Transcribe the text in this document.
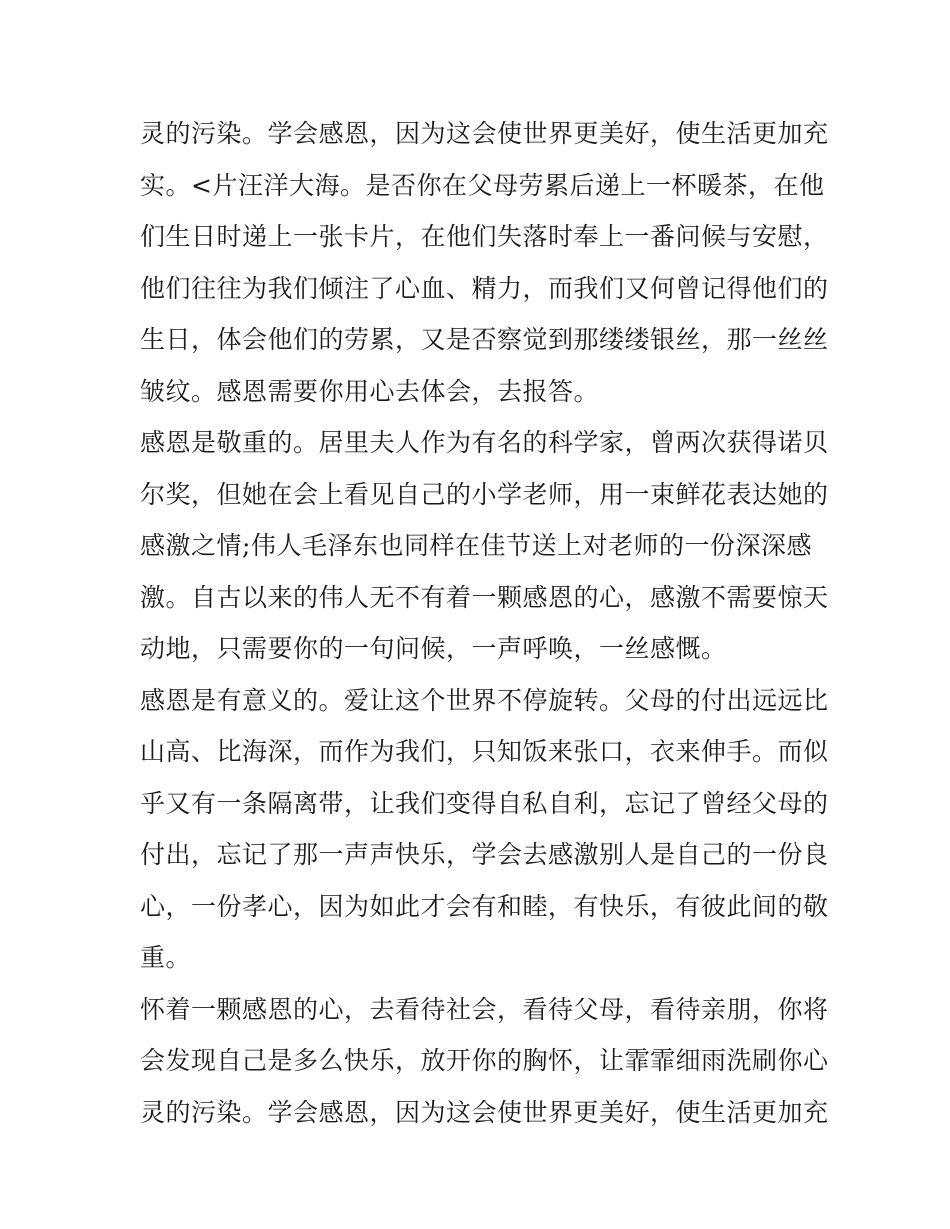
灵的污染。学会感恩，因为这会使世界更美好，使生活更加充
实。<片汪洋大海。是否你在父母劳累后递上一杯暖茶，在他
们生日时递上一张卡片，在他们失落时奉上一番问候与安慰，
他们往往为我们倾注了心血、精力，而我们又何曾记得他们的
生日，体会他们的劳累，又是否察觉到那缕缕银丝，那一丝丝
皱纹。感恩需要你用心去体会，去报答。
感恩是敬重的。居里夫人作为有名的科学家，曾两次获得诺贝
尔奖，但她在会上看见自己的小学老师，用一束鲜花表达她的
感激之情;伟人毛泽东也同样在佳节送上对老师的一份深深感
激。自古以来的伟人无不有着一颗感恩的心，感激不需要惊天
动地，只需要你的一句问候，一声呼唤，一丝感慨。
感恩是有意义的。爱让这个世界不停旋转。父母的付出远远比
山高、比海深，而作为我们，只知饭来张口，衣来伸手。而似
乎又有一条隔离带，让我们变得自私自利，忘记了曾经父母的
付出，忘记了那一声声快乐，学会去感激别人是自己的一份良
心，一份孝心，因为如此才会有和睦，有快乐，有彼此间的敬
重。
怀着一颗感恩的心，去看待社会，看待父母，看待亲朋，你将
会发现自己是多么快乐，放开你的胸怀，让霏霏细雨洗刷你心
灵的污染。学会感恩，因为这会使世界更美好，使生活更加充
